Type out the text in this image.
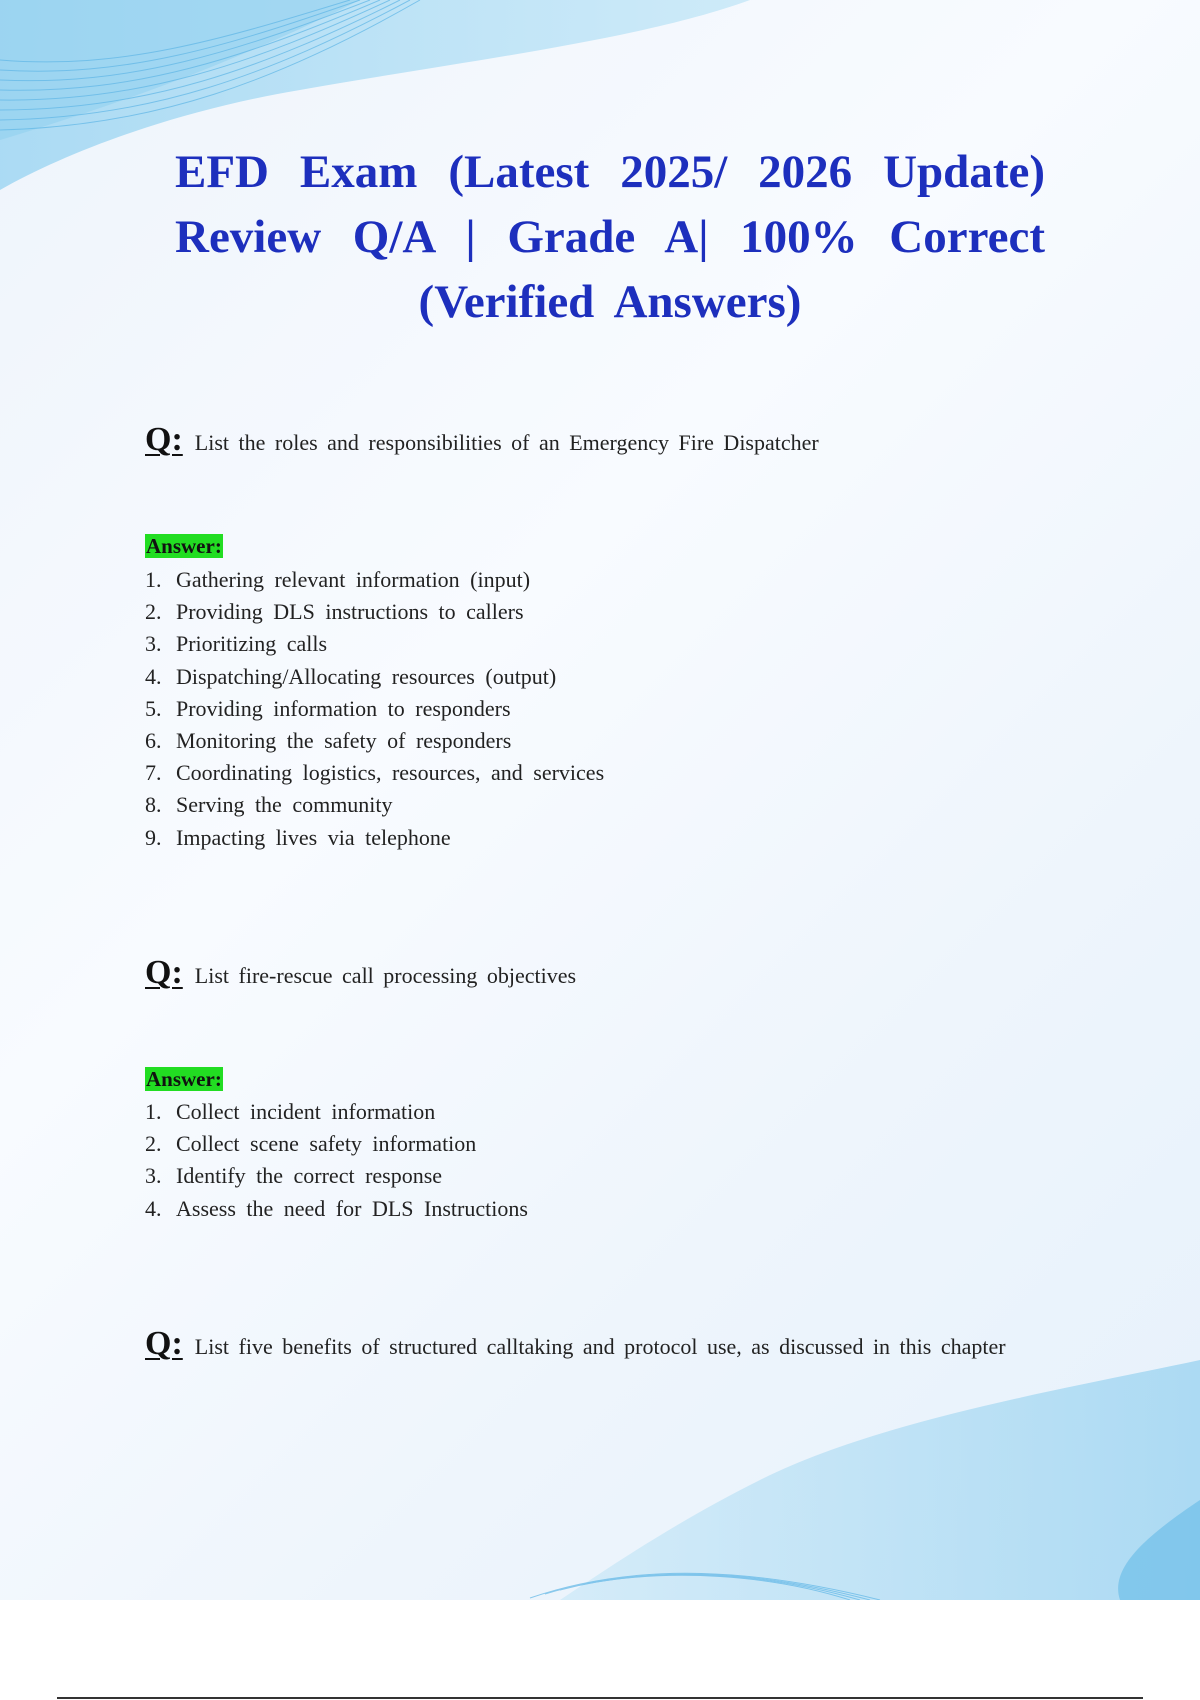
EFD Exam (Latest 2025/ 2026 Update)
Review Q/A | Grade A| 100% Correct
(Verified Answers)
Q: List the roles and responsibilities of an Emergency Fire Dispatcher
Answer:
1. Gathering relevant information (input)
2. Providing DLS instructions to callers
3. Prioritizing calls
4. Dispatching/Allocating resources (output)
5. Providing information to responders
6. Monitoring the safety of responders
7. Coordinating logistics, resources, and services
8. Serving the community
9. Impacting lives via telephone
Q: List fire-rescue call processing objectives
Answer:
1. Collect incident information
2. Collect scene safety information
3. Identify the correct response
4. Assess the need for DLS Instructions
Q: List five benefits of structured calltaking and protocol use, as discussed in this chapter
